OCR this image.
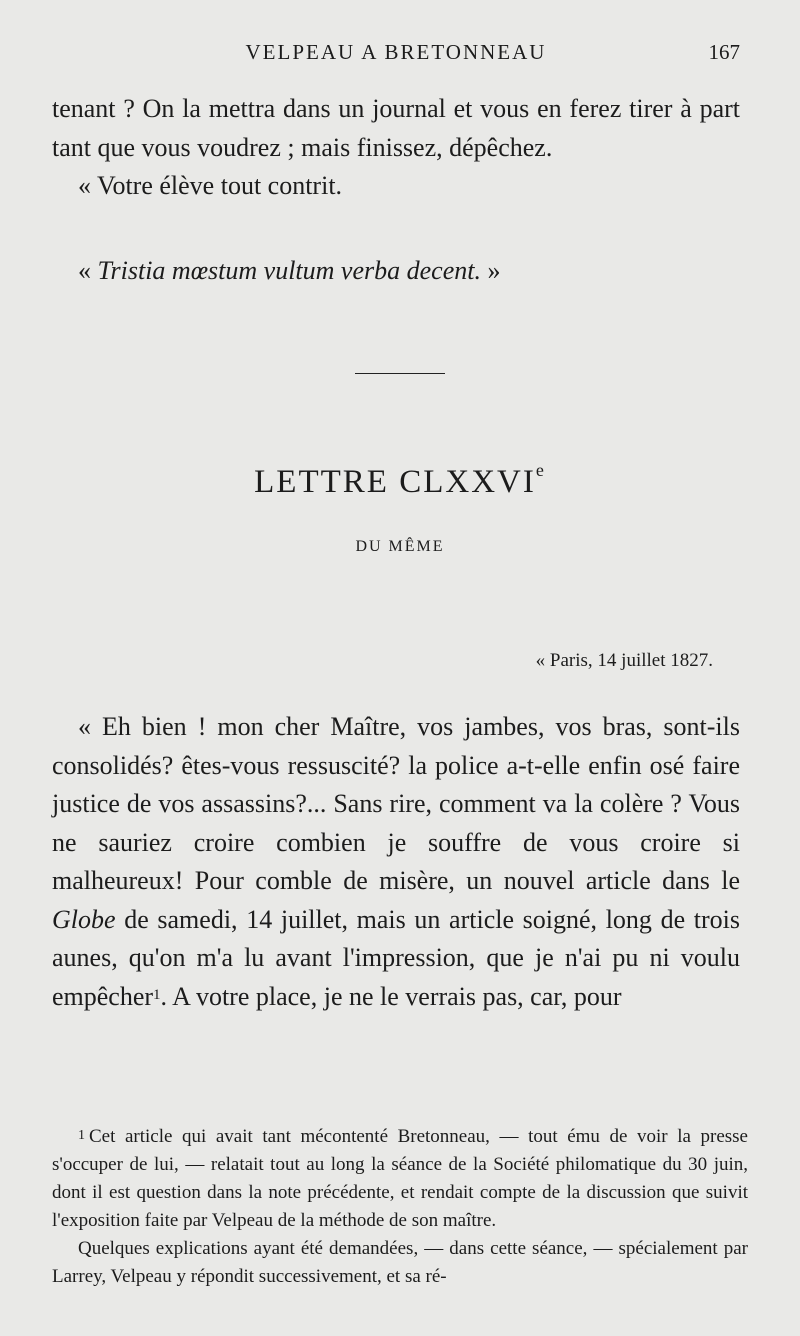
VELPEAU A BRETONNEAU	167

tenant ? On la mettra dans un journal et vous en ferez tirer à part tant que vous voudrez ; mais finissez, dépêchez.

« Votre élève tout contrit.

« Tristia mœstum vultum verba decent. »
LETTRE CLXXVIe
DU MÊME
« Paris, 14 juillet 1827.
« Eh bien ! mon cher Maître, vos jambes, vos bras, sont-ils consolidés? êtes-vous ressuscité? la police a-t-elle enfin osé faire justice de vos assassins?... Sans rire, comment va la colère ? Vous ne sauriez croire combien je souffre de vous croire si malheureux! Pour comble de misère, un nouvel article dans le Globe de samedi, 14 juillet, mais un article soigné, long de trois aunes, qu'on m'a lu avant l'impression, que je n'ai pu ni voulu empêcher$^1$. A votre place, je ne le verrais pas, car, pour

$^1$ Cet article qui avait tant mécontenté Bretonneau, — tout ému de voir la presse s'occuper de lui, — relatait tout au long la séance de la Société philomatique du 30 juin, dont il est question dans la note précédente, et rendait compte de la discussion que suivit l'exposition faite par Velpeau de la méthode de son maître.

Quelques explications ayant été demandées, — dans cette séance, — spécialement par Larrey, Velpeau y répondit successivement, et sa ré-
